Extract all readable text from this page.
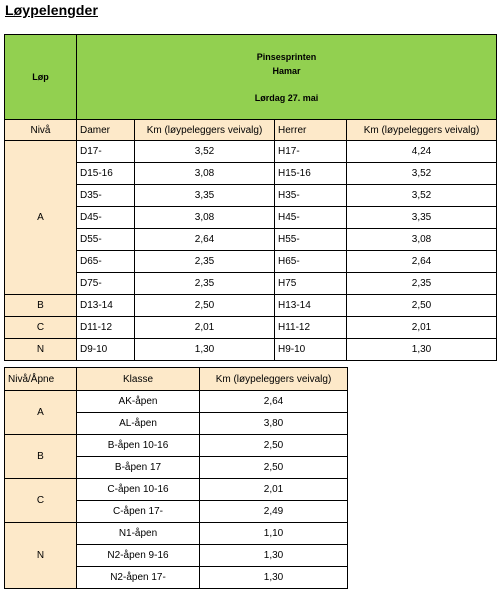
Løypelengder
Løp	Pinsesprinten
Hamar
Lørdag 27. mai			

Nivå	Damer	Km (løypeleggers veivalg)	Herrer	Km (løypeleggers veivalg)
A	D17-	3,52	H17-	4,24
	D15-16	3,08	H15-16	3,52
	D35-	3,35	H35-	3,52
	D45-	3,08	H45-	3,35
	D55-	2,64	H55-	3,08
	D65-	2,35	H65-	2,64
	D75-	2,35	H75	2,35
B	D13-14	2,50	H13-14	2,50
C	D11-12	2,01	H11-12	2,01
N	D9-10	1,30	H9-10	1,30
Nivå/Åpne	Klasse	Km (løypeleggers veivalg)
A	AK-åpen	2,64
	AL-åpen	3,80
B	B-åpen 10-16	2,50
	B-åpen 17	2,50
C	C-åpen 10-16	2,01
	C-åpen 17-	2,49
N	N1-åpen	1,10
	N2-åpen 9-16	1,30
	N2-åpen 17-	1,30
